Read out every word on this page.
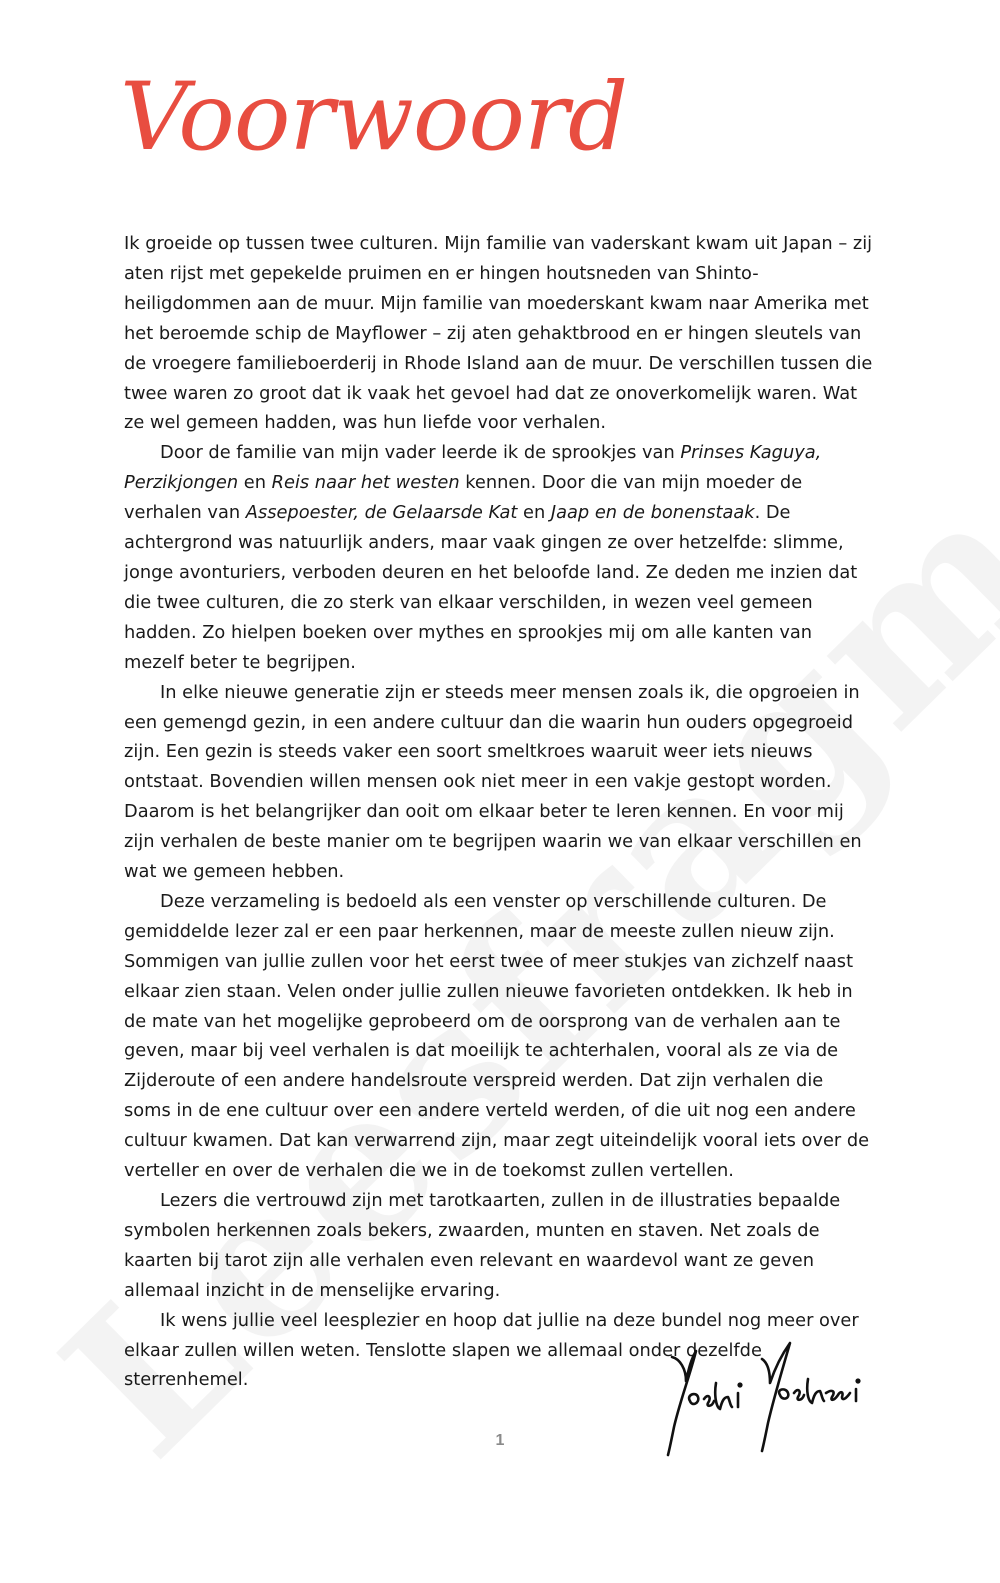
Voorwoord

Ik groeide op tussen twee culturen. Mijn familie van vaderskant kwam uit Japan – zij aten rijst met gepekelde pruimen en er hingen houtsneden van Shinto-heiligdommen aan de muur. Mijn familie van moederskant kwam naar Amerika met het beroemde schip de Mayflower – zij aten gehaktbrood en er hingen sleutels van de vroegere familieboerderij in Rhode Island aan de muur. De verschillen tussen die twee waren zo groot dat ik vaak het gevoel had dat ze onoverkomelijk waren. Wat ze wel gemeen hadden, was hun liefde voor verhalen.

Door de familie van mijn vader leerde ik de sprookjes van Prinses Kaguya, Perzikjongen en Reis naar het westen kennen. Door die van mijn moeder de verhalen van Assepoester, de Gelaarsde Kat en Jaap en de bonenstaak. De achtergrond was natuurlijk anders, maar vaak gingen ze over hetzelfde: slimme, jonge avonturiers, verboden deuren en het beloofde land. Ze deden me inzien dat die twee culturen, die zo sterk van elkaar verschilden, in wezen veel gemeen hadden. Zo hielpen boeken over mythes en sprookjes mij om alle kanten van mezelf beter te begrijpen.

In elke nieuwe generatie zijn er steeds meer mensen zoals ik, die opgroeien in een gemengd gezin, in een andere cultuur dan die waarin hun ouders opgegroeid zijn. Een gezin is steeds vaker een soort smeltkroes waaruit weer iets nieuws ontstaat. Bovendien willen mensen ook niet meer in een vakje gestopt worden. Daarom is het belangrijker dan ooit om elkaar beter te leren kennen. En voor mij zijn verhalen de beste manier om te begrijpen waarin we van elkaar verschillen en wat we gemeen hebben.

Deze verzameling is bedoeld als een venster op verschillende culturen. De gemiddelde lezer zal er een paar herkennen, maar de meeste zullen nieuw zijn. Sommigen van jullie zullen voor het eerst twee of meer stukjes van zichzelf naast elkaar zien staan. Velen onder jullie zullen nieuwe favorieten ontdekken. Ik heb in de mate van het mogelijke geprobeerd om de oorsprong van de verhalen aan te geven, maar bij veel verhalen is dat moeilijk te achterhalen, vooral als ze via de Zijderoute of een andere handelsroute verspreid werden. Dat zijn verhalen die soms in de ene cultuur over een andere verteld werden, of die uit nog een andere cultuur kwamen. Dat kan verwarrend zijn, maar zegt uiteindelijk vooral iets over de verteller en over de verhalen die we in de toekomst zullen vertellen.

Lezers die vertrouwd zijn met tarotkaarten, zullen in de illustraties bepaalde symbolen herkennen zoals bekers, zwaarden, munten en staven. Net zoals de kaarten bij tarot zijn alle verhalen even relevant en waardevol want ze geven allemaal inzicht in de menselijke ervaring.

Ik wens jullie veel leesplezier en hoop dat jullie na deze bundel nog meer over elkaar zullen willen weten. Tenslotte slapen we allemaal onder dezelfde sterrenhemel.

1
